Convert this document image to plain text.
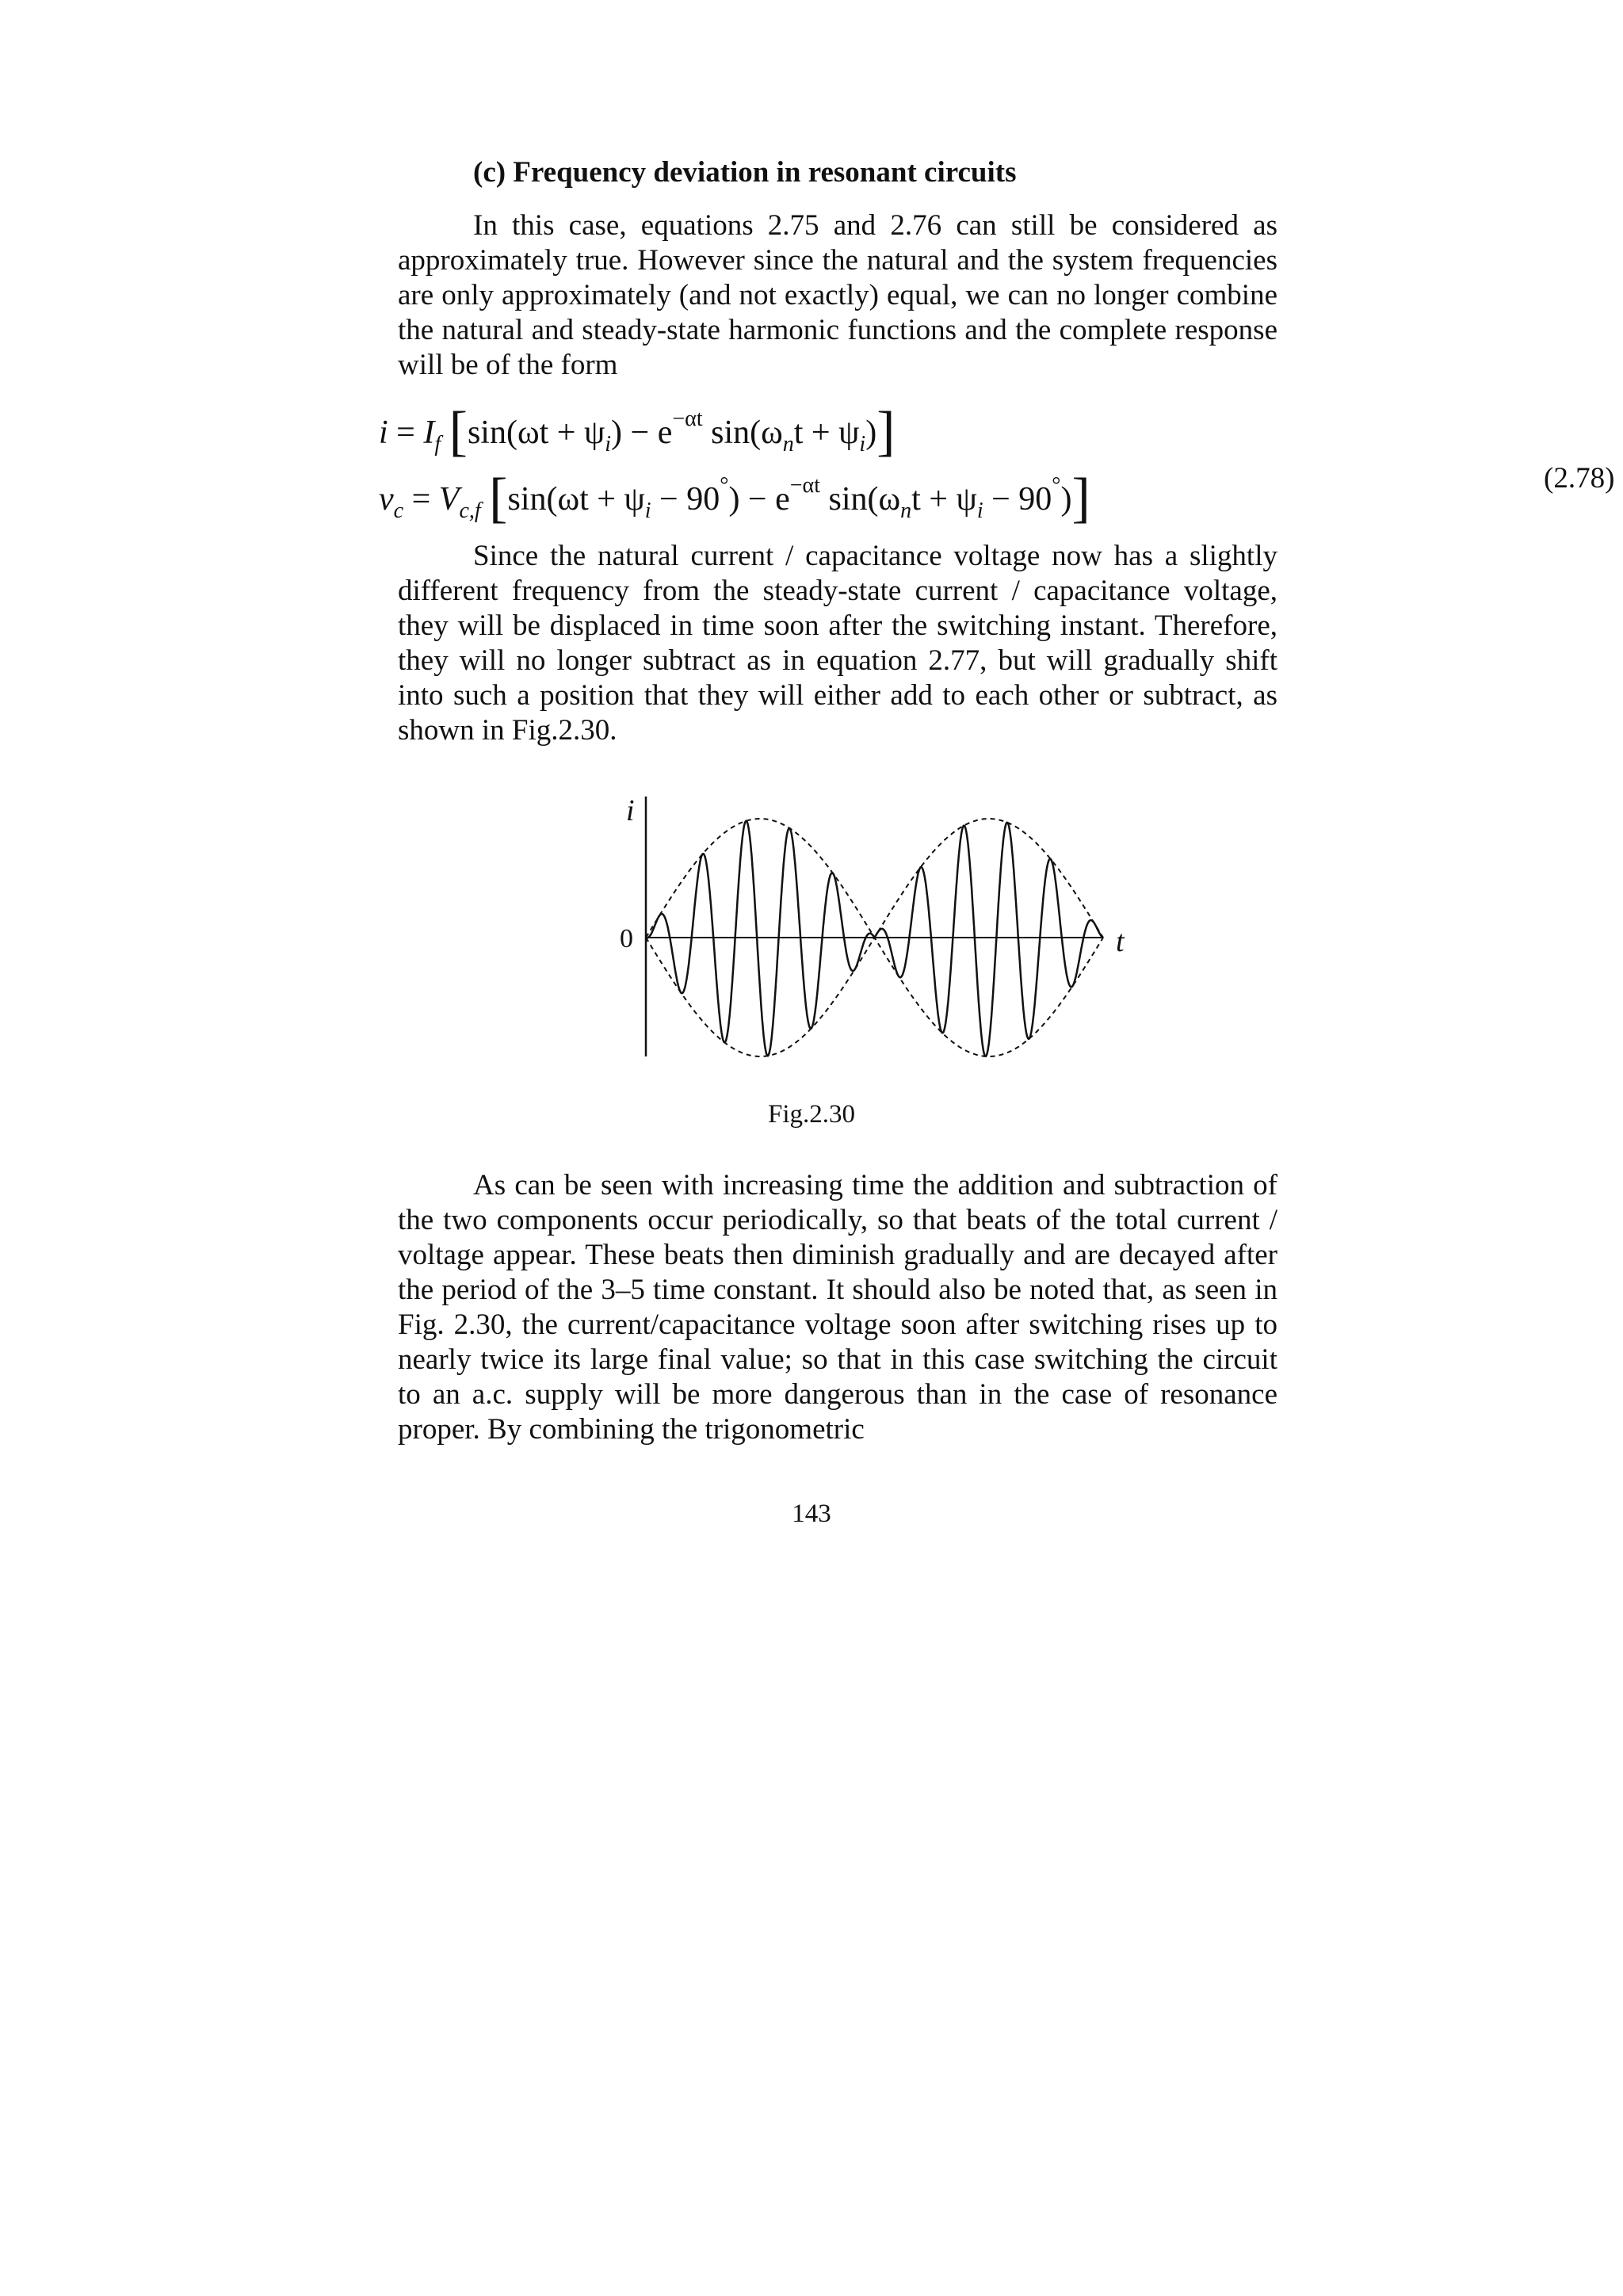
(c) Frequency deviation in resonant circuits

In this case, equations 2.75 and 2.76 can still be considered as approximately true. However since the natural and the system frequencies are only approximately (and not exactly) equal, we can no longer combine the natural and steady-state harmonic functions and the complete response will be of the form

$i = I_f$ [$\sin(\omega t + \psi_i) - e^{-\alpha t}$ $\sin(\omega_nt + \psi_i)$]
$v_c = V_{c,f}$ [$\sin(\omega t + \psi_i - 90^\circ) - e^{-\alpha t}$ $\sin(\omega_nt + \psi_i - 90^\circ)$]	(2.78)

Since the natural current / capacitance voltage now has a slightly different frequency from the steady-state current / capacitance voltage, they will be displaced in time soon after the switching instant. Therefore, they will no longer subtract as in equation 2.77, but will gradually shift into such a position that they will either add to each other or subtract, as shown in Fig.2.30.

i
0	t

Fig.2.30

As can be seen with increasing time the addition and subtraction of the two components occur periodically, so that beats of the total current / voltage appear. These beats then diminish gradually and are decayed after the period of the 3–5 time constant. It should also be noted that, as seen in Fig. 2.30, the current/capacitance voltage soon after switching rises up to nearly twice its large final value; so that in this case switching the circuit to an a.c. supply will be more dangerous than in the case of resonance proper. By combining the trigonometric

143
